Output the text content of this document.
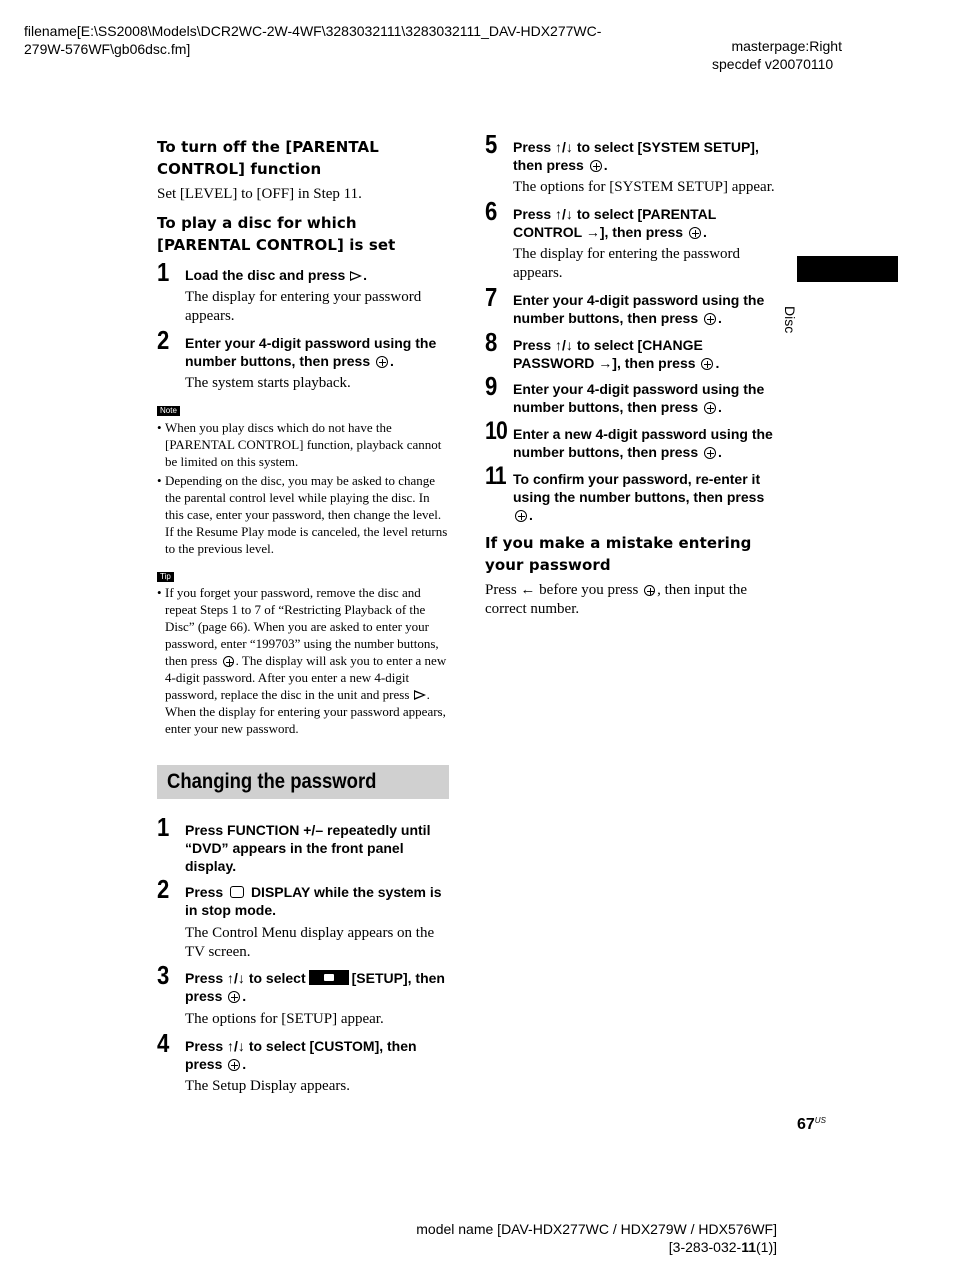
filename[E:\SS2008\Models\DCR2WC-2W-4WF\3283032111\3283032111_DAV-HDX277WC-279W-576WF\gb06dsc.fm]	masterpage:Right
specdef v20070110
Disc
To turn off the [PARENTAL CONTROL] function
Set [LEVEL] to [OFF] in Step 11.
To play a disc for which [PARENTAL CONTROL] is set
1 Load the disc and press .
The display for entering your password appears.
2 Enter your 4-digit password using the number buttons, then press .
The system starts playback.
Note
• When you play discs which do not have the [PARENTAL CONTROL] function, playback cannot be limited on this system.
• Depending on the disc, you may be asked to change the parental control level while playing the disc. In this case, enter your password, then change the level. If the Resume Play mode is canceled, the level returns to the previous level.
Tip
• If you forget your password, remove the disc and repeat Steps 1 to 7 of “Restricting Playback of the Disc” (page 66). When you are asked to enter your password, enter “199703” using the number buttons, then press . The display will ask you to enter a new 4-digit password. After you enter a new 4-digit password, replace the disc in the unit and press . When the display for entering your password appears, enter your new password.
Changing the password
1 Press FUNCTION +/– repeatedly until “DVD” appears in the front panel display.
2 Press DISPLAY while the system is in stop mode.
The Control Menu display appears on the TV screen.
3 Press ↑/↓ to select	[SETUP], then press .
The options for [SETUP] appear.
4 Press ↑/↓ to select [CUSTOM], then press .
The Setup Display appears.
5 Press ↑/↓ to select [SYSTEM SETUP], then press .
The options for [SYSTEM SETUP] appear.
6 Press ↑/↓ to select [PARENTAL CONTROL →], then press .
The display for entering the password appears.
7 Enter your 4-digit password using the number buttons, then press .
8 Press ↑/↓ to select [CHANGE PASSWORD →], then press .
9 Enter your 4-digit password using the number buttons, then press .
10 Enter a new 4-digit password using the number buttons, then press .
11 To confirm your password, re-enter it using the number buttons, then press .
If you make a mistake entering your password
Press ← before you press , then input the correct number.
$67^{US}$
model name [DAV-HDX277WC / HDX279W / HDX576WF]
[3-283-032-11(1)]
